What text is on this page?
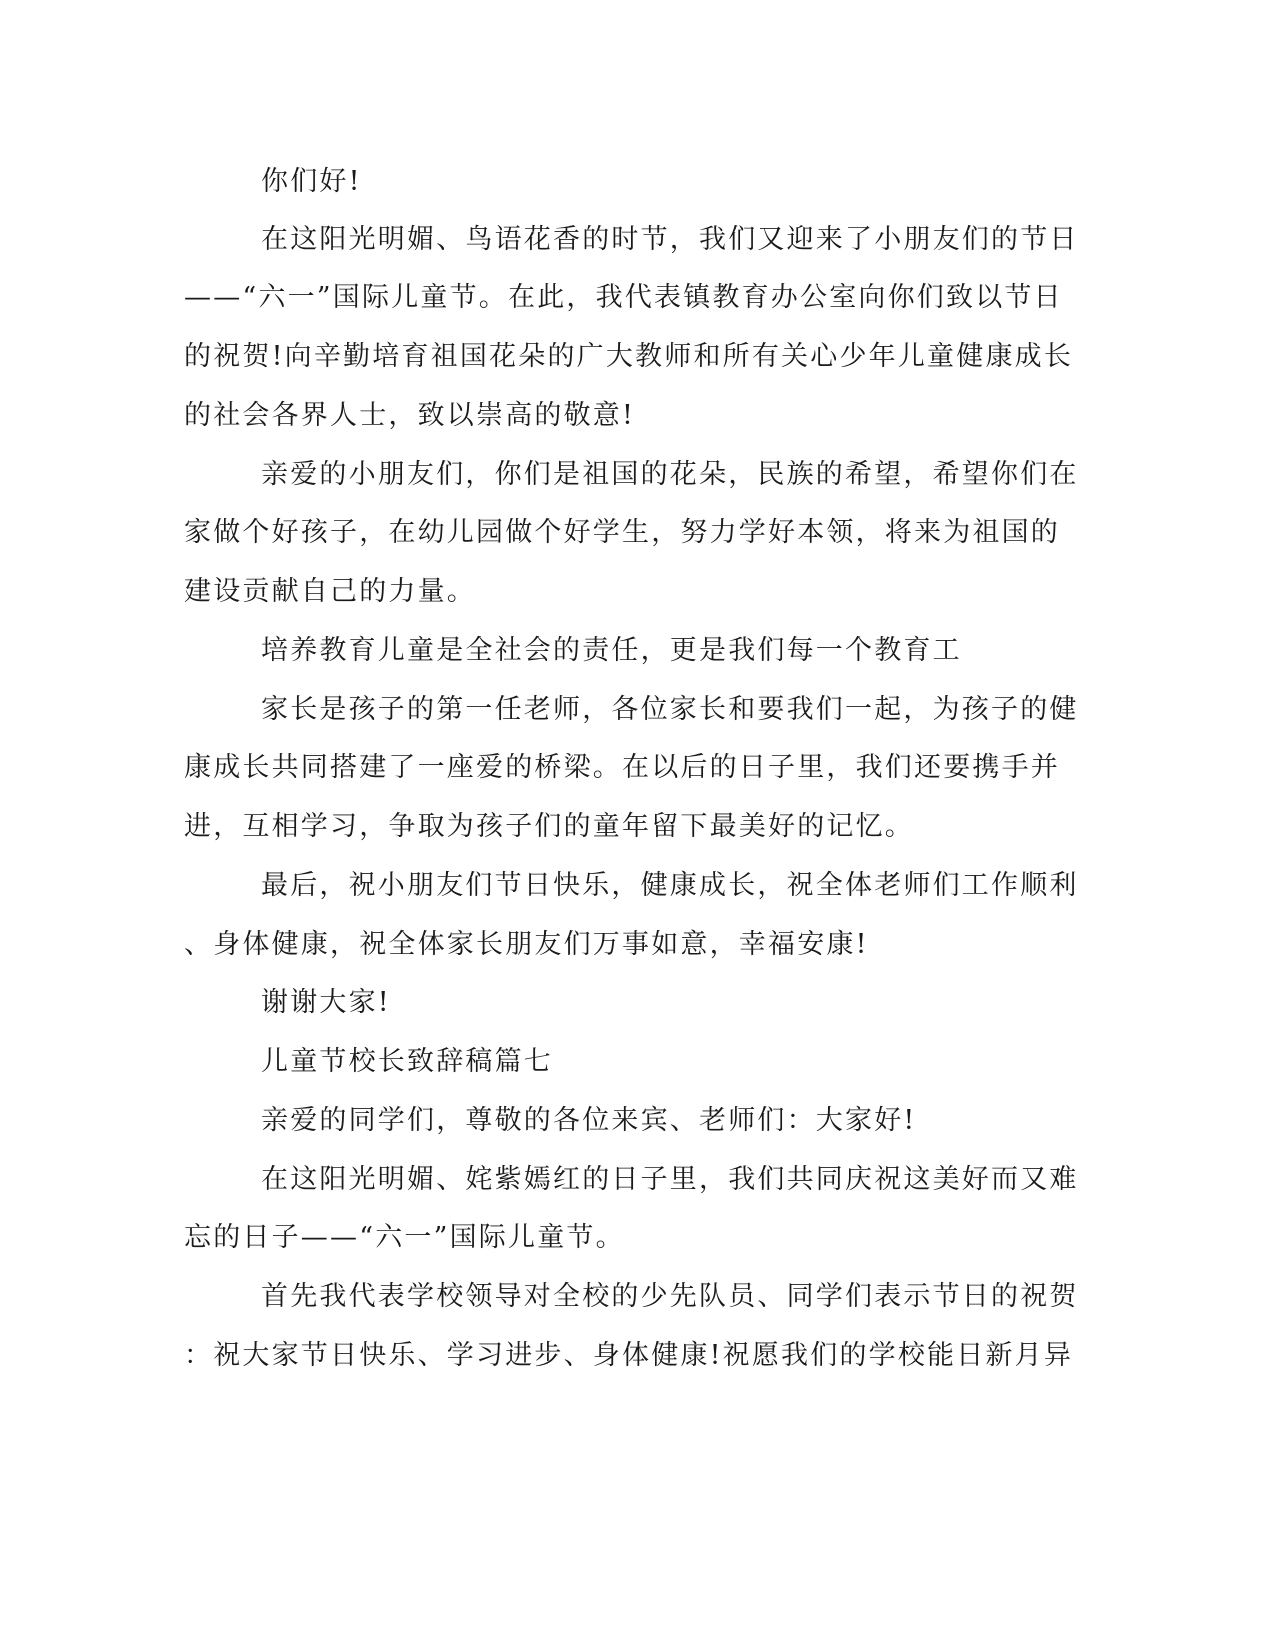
你们好!
在这阳光明媚、鸟语花香的时节，我们又迎来了小朋友们的节日
——“六一”国际儿童节。在此，我代表镇教育办公室向你们致以节日
的祝贺!向辛勤培育祖国花朵的广大教师和所有关心少年儿童健康成长
的社会各界人士，致以崇高的敬意!
亲爱的小朋友们，你们是祖国的花朵，民族的希望，希望你们在
家做个好孩子，在幼儿园做个好学生，努力学好本领，将来为祖国的
建设贡献自己的力量。
培养教育儿童是全社会的责任，更是我们每一个教育工
家长是孩子的第一任老师，各位家长和要我们一起，为孩子的健
康成长共同搭建了一座爱的桥梁。在以后的日子里，我们还要携手并
进，互相学习，争取为孩子们的童年留下最美好的记忆。
最后，祝小朋友们节日快乐，健康成长，祝全体老师们工作顺利
、身体健康，祝全体家长朋友们万事如意，幸福安康!
谢谢大家!
儿童节校长致辞稿篇七
亲爱的同学们，尊敬的各位来宾、老师们：大家好!
在这阳光明媚、姹紫嫣红的日子里，我们共同庆祝这美好而又难
忘的日子——“六一”国际儿童节。
首先我代表学校领导对全校的少先队员、同学们表示节日的祝贺
：祝大家节日快乐、学习进步、身体健康!祝愿我们的学校能日新月异
